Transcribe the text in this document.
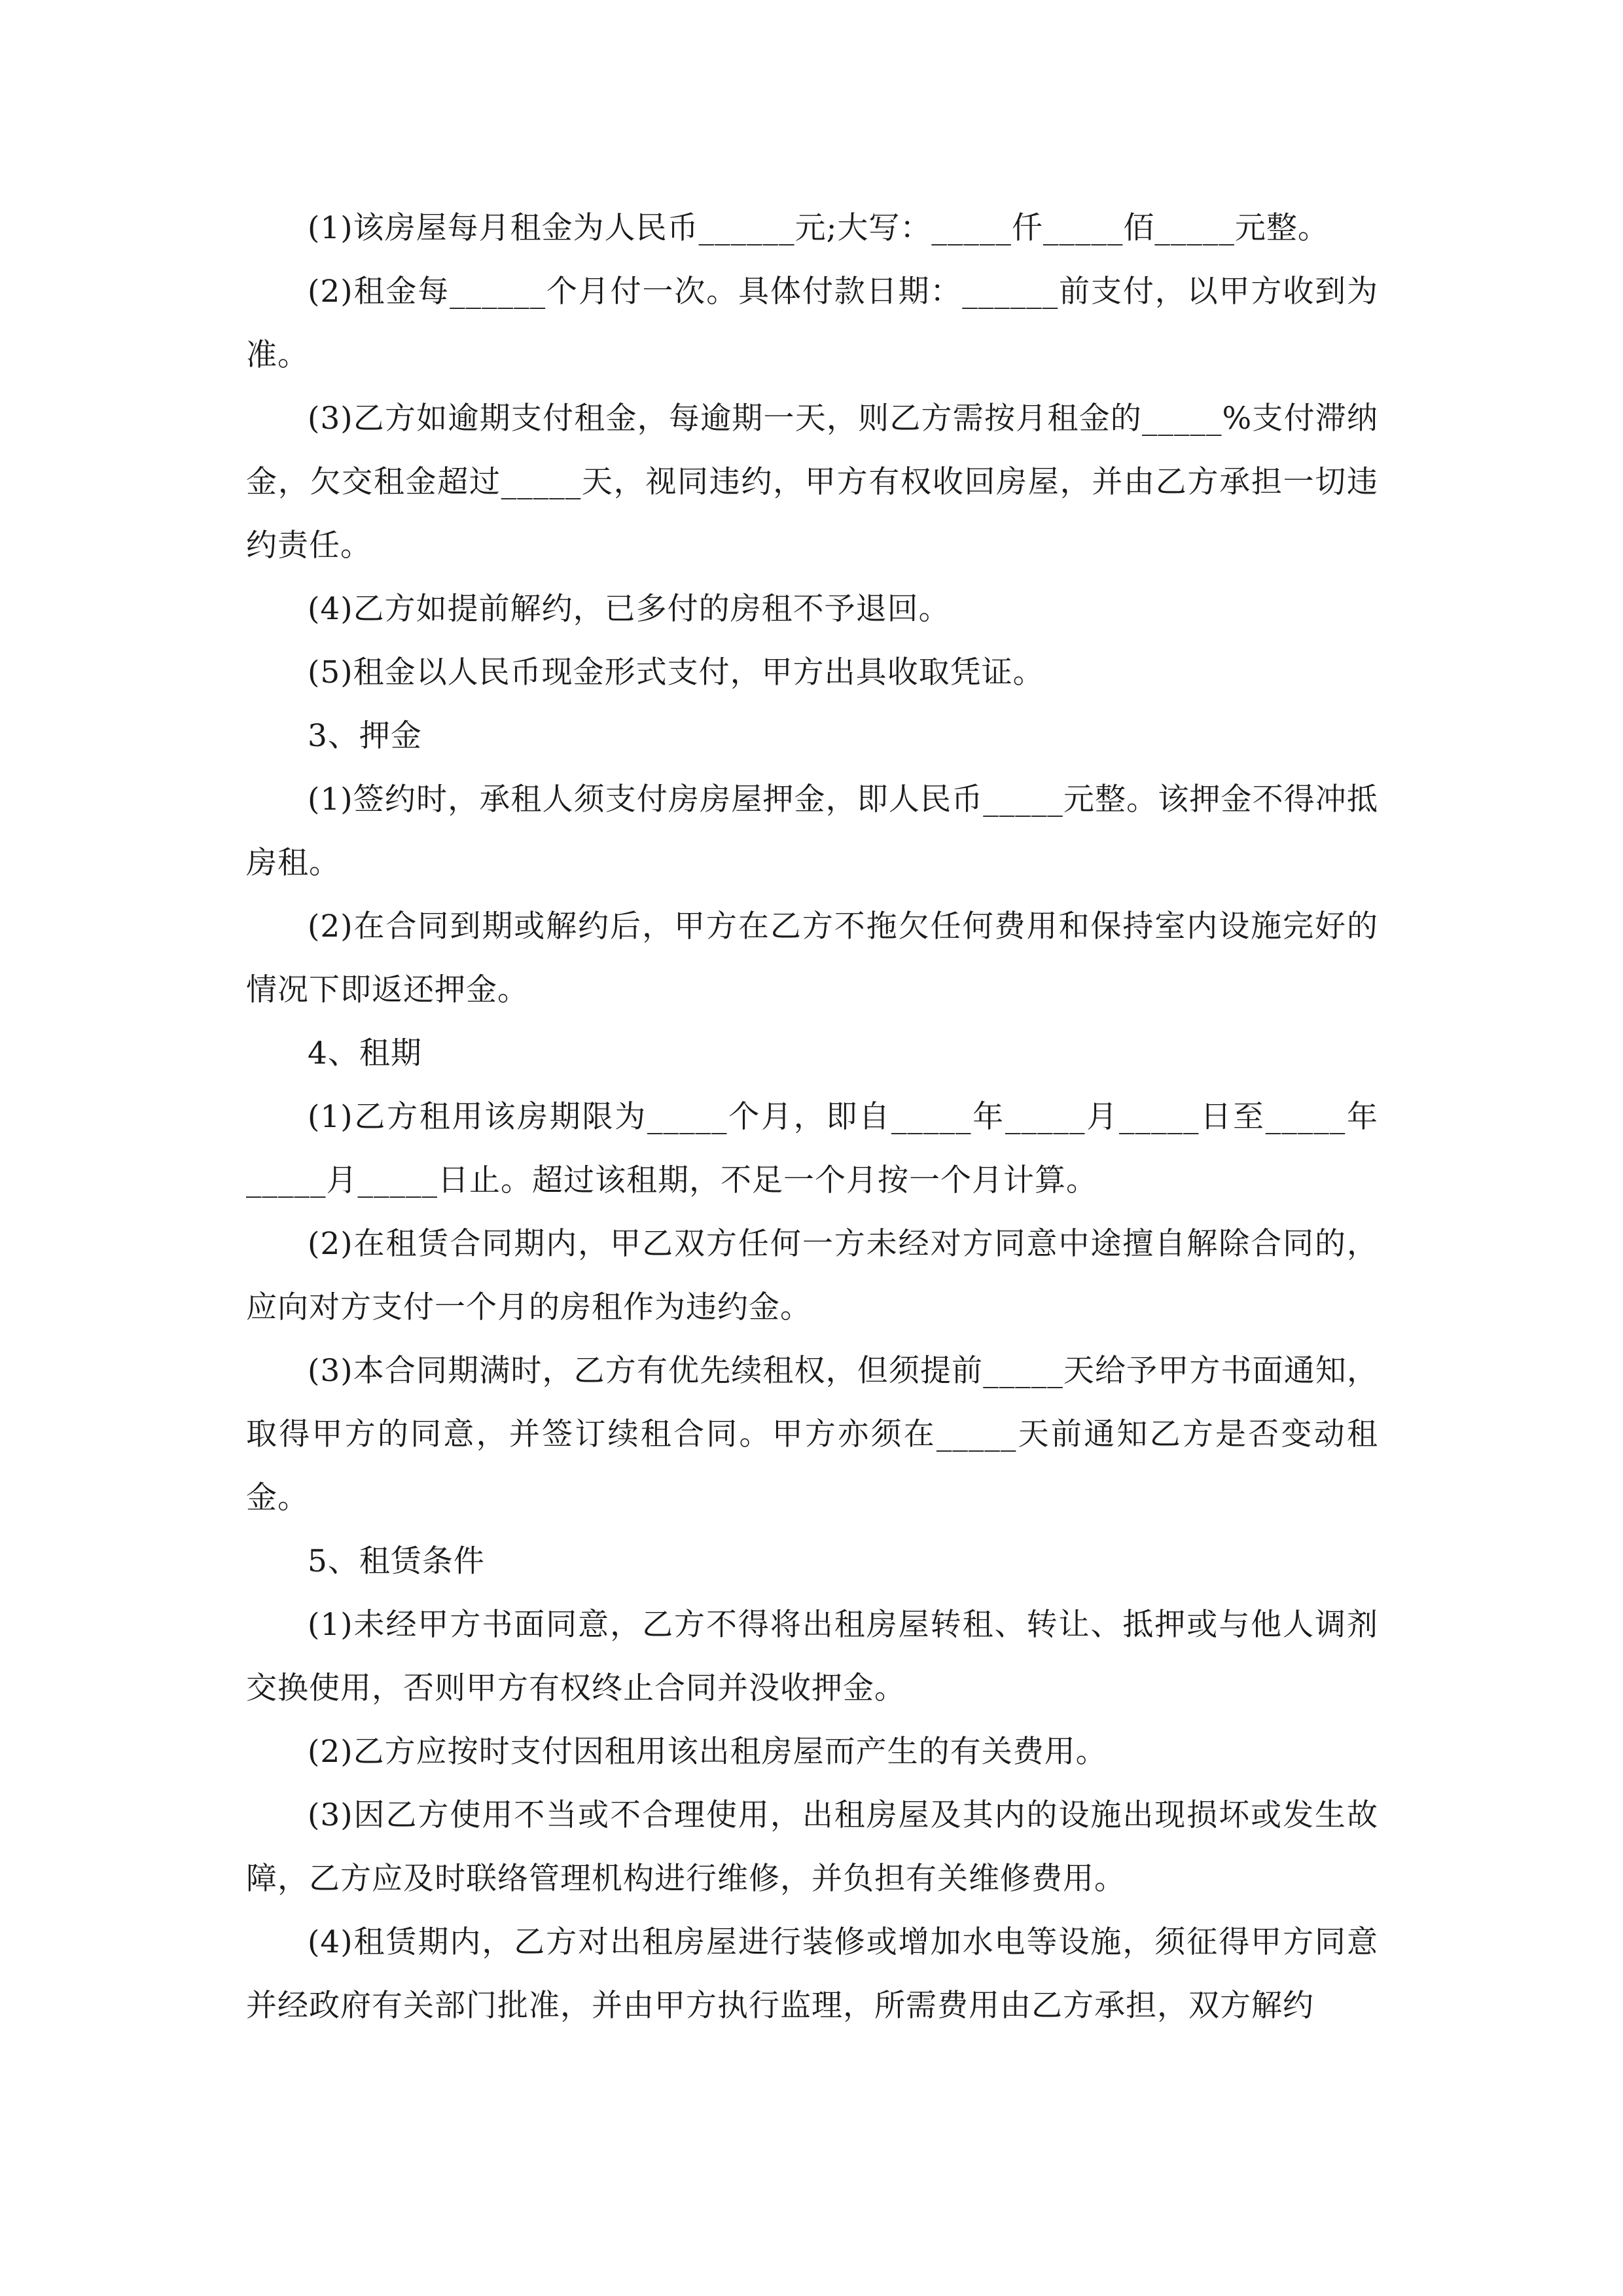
(1)该房屋每月租金为人民币______元;大写：_____仟_____佰_____元整。

(2)租金每______个月付一次。具体付款日期：______前支付，以甲方收到为准。

(3)乙方如逾期支付租金，每逾期一天，则乙方需按月租金的_____%支付滞纳金，欠交租金超过_____天，视同违约，甲方有权收回房屋，并由乙方承担一切违约责任。

(4)乙方如提前解约，已多付的房租不予退回。

(5)租金以人民币现金形式支付，甲方出具收取凭证。

3、押金

(1)签约时，承租人须支付房房屋押金，即人民币_____元整。该押金不得冲抵房租。

(2)在合同到期或解约后，甲方在乙方不拖欠任何费用和保持室内设施完好的情况下即返还押金。

4、租期

(1)乙方租用该房期限为_____个月，即自_____年_____月_____日至_____年_____月_____日止。超过该租期，不足一个月按一个月计算。

(2)在租赁合同期内，甲乙双方任何一方未经对方同意中途擅自解除合同的，应向对方支付一个月的房租作为违约金。

(3)本合同期满时，乙方有优先续租权，但须提前_____天给予甲方书面通知，取得甲方的同意，并签订续租合同。甲方亦须在_____天前通知乙方是否变动租金。

5、租赁条件

(1)未经甲方书面同意，乙方不得将出租房屋转租、转让、抵押或与他人调剂交换使用，否则甲方有权终止合同并没收押金。

(2)乙方应按时支付因租用该出租房屋而产生的有关费用。

(3)因乙方使用不当或不合理使用，出租房屋及其内的设施出现损坏或发生故障，乙方应及时联络管理机构进行维修，并负担有关维修费用。

(4)租赁期内，乙方对出租房屋进行装修或增加水电等设施，须征得甲方同意并经政府有关部门批准，并由甲方执行监理，所需费用由乙方承担，双方解约
